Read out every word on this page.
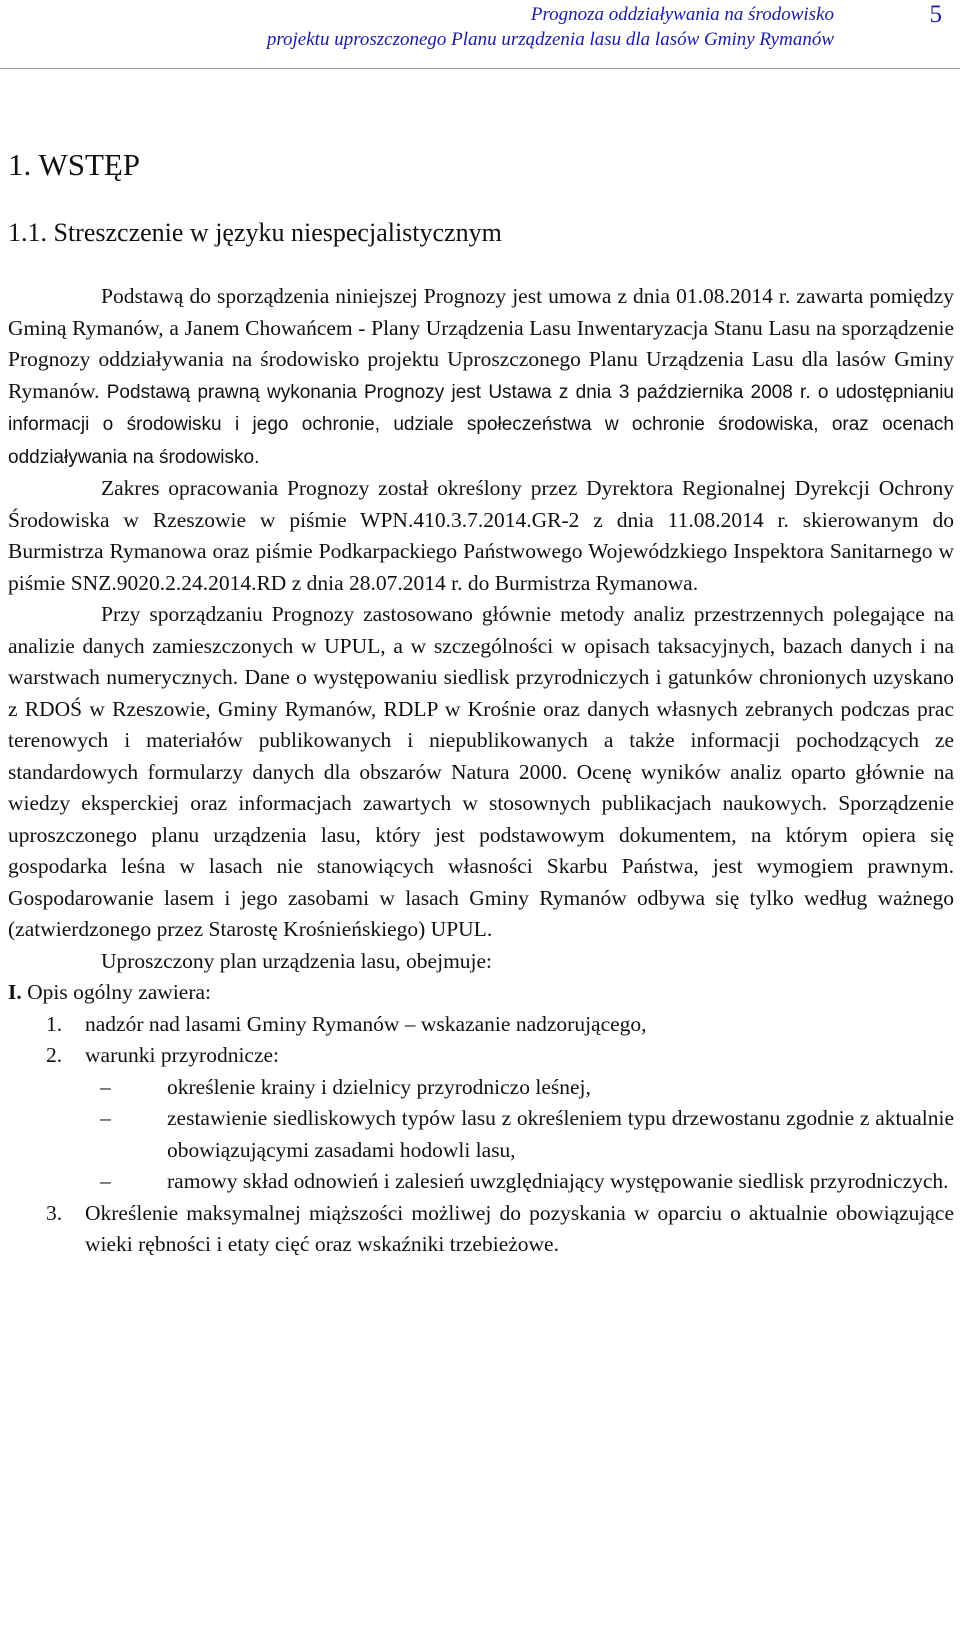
Prognoza oddziaływania na środowisko
projektu uproszczonego Planu urządzenia lasu dla lasów Gminy Rymanów
5
1. WSTĘP
1.1. Streszczenie w języku niespecjalistycznym

Podstawą do sporządzenia niniejszej Prognozy jest umowa z dnia 01.08.2014 r. zawarta pomiędzy Gminą Rymanów, a Janem Chowańcem - Plany Urządzenia Lasu Inwentaryzacja Stanu Lasu na sporządzenie Prognozy oddziaływania na środowisko projektu Uproszczonego Planu Urządzenia Lasu dla lasów Gminy Rymanów. Podstawą prawną wykonania Prognozy jest Ustawa z dnia 3 października 2008 r. o udostępnianiu informacji o środowisku i jego ochronie, udziale społeczeństwa w ochronie środowiska, oraz ocenach oddziaływania na środowisko.

Zakres opracowania Prognozy został określony przez Dyrektora Regionalnej Dyrekcji Ochrony Środowiska w Rzeszowie w piśmie WPN.410.3.7.2014.GR-2 z dnia 11.08.2014 r. skierowanym do Burmistrza Rymanowa oraz piśmie Podkarpackiego Państwowego Wojewódzkiego Inspektora Sanitarnego w piśmie SNZ.9020.2.24.2014.RD z dnia 28.07.2014 r. do Burmistrza Rymanowa.

Przy sporządzaniu Prognozy zastosowano głównie metody analiz przestrzennych polegające na analizie danych zamieszczonych w UPUL, a w szczególności w opisach taksacyjnych, bazach danych i na warstwach numerycznych. Dane o występowaniu siedlisk przyrodniczych i gatunków chronionych uzyskano z RDOŚ w Rzeszowie, Gminy Rymanów, RDLP w Krośnie oraz danych własnych zebranych podczas prac terenowych i materiałów publikowanych i niepublikowanych a także informacji pochodzących ze standardowych formularzy danych dla obszarów Natura 2000. Ocenę wyników analiz oparto głównie na wiedzy eksperckiej oraz informacjach zawartych w stosownych publikacjach naukowych. Sporządzenie uproszczonego planu urządzenia lasu, który jest podstawowym dokumentem, na którym opiera się gospodarka leśna w lasach nie stanowiących własności Skarbu Państwa, jest wymogiem prawnym. Gospodarowanie lasem i jego zasobami w lasach Gminy Rymanów odbywa się tylko według ważnego (zatwierdzonego przez Starostę Krośnieńskiego) UPUL.

Uproszczony plan urządzenia lasu, obejmuje:

I. Opis ogólny zawiera:

1. nadzór nad lasami Gminy Rymanów – wskazanie nadzorującego,
2. warunki przyrodnicze:
–	określenie krainy i dzielnicy przyrodniczo leśnej,
–	zestawienie siedliskowych typów lasu z określeniem typu drzewostanu zgodnie z aktualnie obowiązującymi zasadami hodowli lasu,
–	ramowy skład odnowień i zalesień uwzględniający występowanie siedlisk przyrodniczych.
3. Określenie maksymalnej miąższości możliwej do pozyskania w oparciu o aktualnie obowiązujące wieki rębności i etaty cięć oraz wskaźniki trzebieżowe.
